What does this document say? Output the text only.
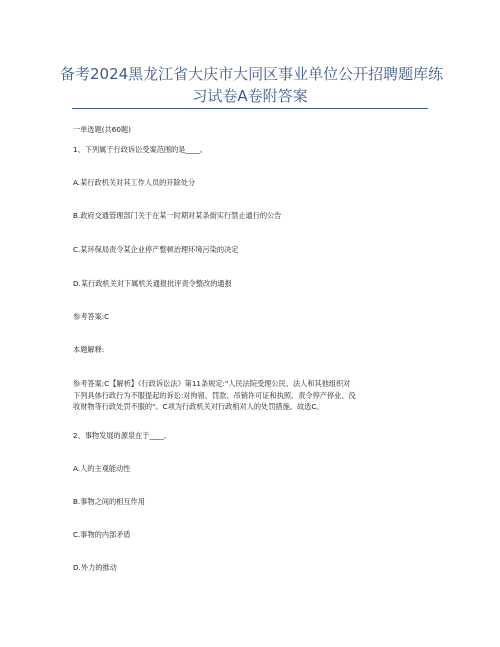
备考2024黑龙江省大庆市大同区事业单位公开招聘题库练
习试卷A卷附答案
一单选题(共60题)
1、下列属于行政诉讼受案范围的是____。
A.某行政机关对其工作人员的开除处分
B.政府交通管理部门关于在某一时期对某条街实行禁止通行的公告
C.某环保局责令某企业停产整顿治理环境污染的决定
D.某行政机关对下属机关通报批评责令整改的通报
参考答案:C
本题解释:
参考答案:C【解析】《行政诉讼法》第11条规定:"人民法院受理公民、法人和其他组织对
下列具体行政行为不服提起的诉讼:对拘留、罚款、吊销许可证和执照、责令停产停业、没
收财物等行政处罚不服的"。C项为行政机关对行政相对人的处罚措施。故选C。
2、事物发展的源泉在于____。
A.人的主观能动性
B.事物之间的相互作用
C.事物的内部矛盾
D.外力的推动
